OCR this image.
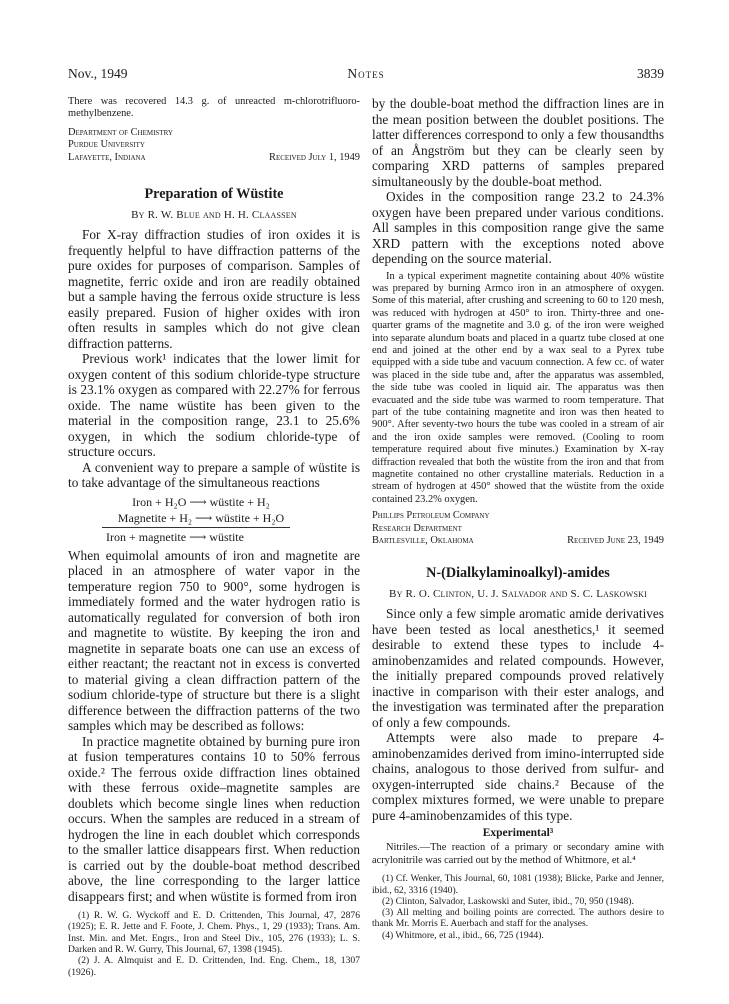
Nov., 1949	Notes	3839

There was recovered 14.3 g. of unreacted m-chlorotrifluoro-methylbenzene.

Department of Chemistry
Purdue University
Lafayette, Indiana	Received July 1, 1949
Preparation of Wüstite
By R. W. Blue and H. H. Claassen

For X-ray diffraction studies of iron oxides it is frequently helpful to have diffraction patterns of the pure oxides for purposes of comparison. Samples of magnetite, ferric oxide and iron are readily obtained but a sample having the ferrous oxide structure is less easily prepared. Fusion of higher oxides with iron often results in samples which do not give clean diffraction patterns.

Previous work¹ indicates that the lower limit for oxygen content of this sodium chloride-type structure is 23.1% oxygen as compared with 22.27% for ferrous oxide. The name wüstite has been given to the material in the composition range, 23.1 to 25.6% oxygen, in which the sodium chloride-type of structure occurs.

A convenient way to prepare a sample of wüstite is to take advantage of the simultaneous reactions

Iron + H₂O ⟶ wüstite + H₂
Magnetite + H₂ ⟶ wüstite + H₂O
Iron + magnetite ⟶ wüstite

When equimolal amounts of iron and magnetite are placed in an atmosphere of water vapor in the temperature region 750 to 900°, some hydrogen is immediately formed and the water hydrogen ratio is automatically regulated for conversion of both iron and magnetite to wüstite. By keeping the iron and magnetite in separate boats one can use an excess of either reactant; the reactant not in excess is converted to material giving a clean diffraction pattern of the sodium chloride-type of structure but there is a slight difference between the diffraction patterns of the two samples which may be described as follows:

In practice magnetite obtained by burning pure iron at fusion temperatures contains 10 to 50% ferrous oxide.² The ferrous oxide diffraction lines obtained with these ferrous oxide–magnetite samples are doublets which become single lines when reduction occurs. When the samples are reduced in a stream of hydrogen the line in each doublet which corresponds to the smaller lattice disappears first. When reduction is carried out by the double-boat method described above, the line corresponding to the larger lattice disappears first; and when wüstite is formed from iron

(1) R. W. G. Wyckoff and E. D. Crittenden, This Journal, 47, 2876 (1925); E. R. Jette and F. Foote, J. Chem. Phys., 1, 29 (1933); Trans. Am. Inst. Min. and Met. Engrs., Iron and Steel Div., 105, 276 (1933); L. S. Darken and R. W. Gurry, This Journal, 67, 1398 (1945).

(2) J. A. Almquist and E. D. Crittenden, Ind. Eng. Chem., 18, 1307 (1926).

by the double-boat method the diffraction lines are in the mean position between the doublet positions. The latter differences correspond to only a few thousandths of an Ångström but they can be clearly seen by comparing XRD patterns of samples prepared simultaneously by the double-boat method.

Oxides in the composition range 23.2 to 24.3% oxygen have been prepared under various conditions. All samples in this composition range give the same XRD pattern with the exceptions noted above depending on the source material.

In a typical experiment magnetite containing about 40% wüstite was prepared by burning Armco iron in an atmosphere of oxygen. Some of this material, after crushing and screening to 60 to 120 mesh, was reduced with hydrogen at 450° to iron. Thirty-three and one-quarter grams of the magnetite and 3.0 g. of the iron were weighed into separate alundum boats and placed in a quartz tube closed at one end and joined at the other end by a wax seal to a Pyrex tube equipped with a side tube and vacuum connection. A few cc. of water was placed in the side tube and, after the apparatus was assembled, the side tube was cooled in liquid air. The apparatus was then evacuated and the side tube was warmed to room temperature. That part of the tube containing magnetite and iron was then heated to 900°. After seventy-two hours the tube was cooled in a stream of air and the iron oxide samples were removed. (Cooling to room temperature required about five minutes.) Examination by X-ray diffraction revealed that both the wüstite from the iron and that from magnetite contained no other crystalline materials. Reduction in a stream of hydrogen at 450° showed that the wüstite from the oxide contained 23.2% oxygen.

Phillips Petroleum Company
Research Department
Bartlesville, Oklahoma	Received June 23, 1949
N-(Dialkylaminoalkyl)-amides
By R. O. Clinton, U. J. Salvador and S. C. Laskowski

Since only a few simple aromatic amide derivatives have been tested as local anesthetics,¹ it seemed desirable to extend these types to include 4-aminobenzamides and related compounds. However, the initially prepared compounds proved relatively inactive in comparison with their ester analogs, and the investigation was terminated after the preparation of only a few compounds.

Attempts were also made to prepare 4-aminobenzamides derived from imino-interrupted side chains, analogous to those derived from sulfur- and oxygen-interrupted side chains.² Because of the complex mixtures formed, we were unable to prepare pure 4-aminobenzamides of this type.

Experimental³

Nitriles.—The reaction of a primary or secondary amine with acrylonitrile was carried out by the method of Whitmore, et al.⁴

(1) Cf. Wenker, This Journal, 60, 1081 (1938); Blicke, Parke and Jenner, ibid., 62, 3316 (1940).

(2) Clinton, Salvador, Laskowski and Suter, ibid., 70, 950 (1948).

(3) All melting and boiling points are corrected. The authors desire to thank Mr. Morris E. Auerbach and staff for the analyses.

(4) Whitmore, et al., ibid., 66, 725 (1944).
